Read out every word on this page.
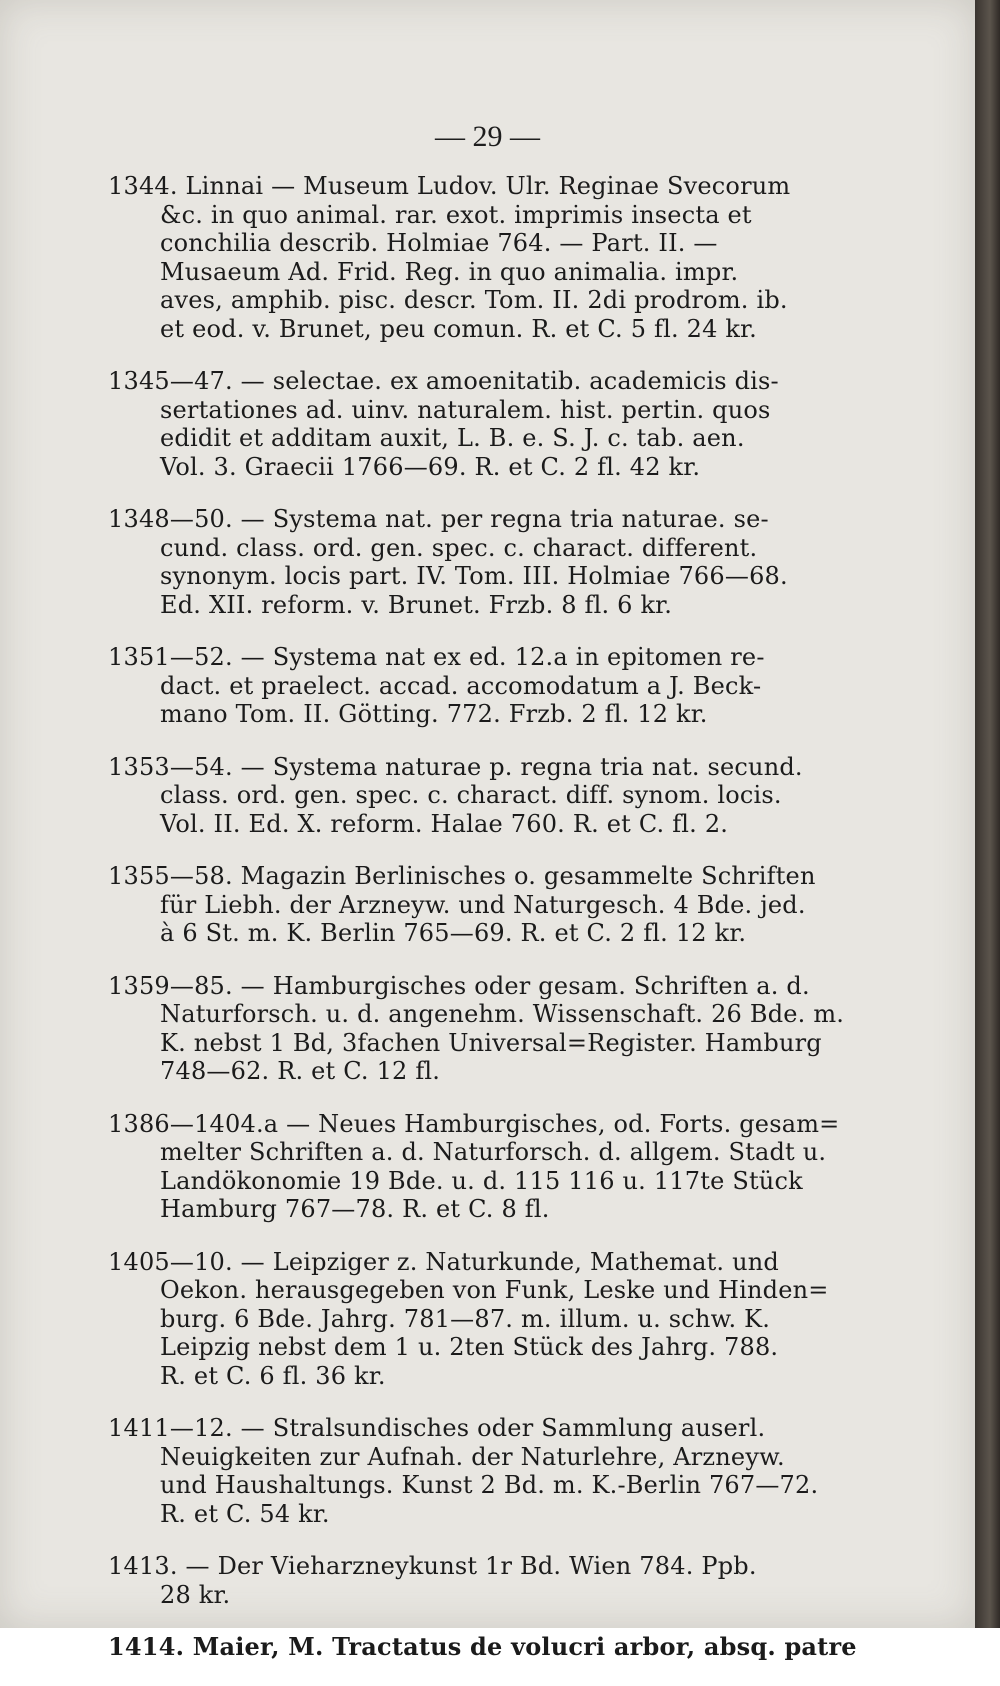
— 29 —
1344. Linnai — Museum Ludov. Ulr. Reginae Svecorum
&c. in quo animal. rar. exot. imprimis insecta et
conchilia describ. Holmiae 764. — Part. II. —
Musaeum Ad. Frid. Reg. in quo animalia. impr.
aves, amphib. pisc. descr. Tom. II. 2di prodrom. ib.
et eod. v. Brunet, peu comun. R. et C. 5 fl. 24 kr.
1345—47. — selectae. ex amoenitatib. academicis dis-
sertationes ad. uinv. naturalem. hist. pertin. quos
edidit et additam auxit, L. B. e. S. J. c. tab. aen.
Vol. 3. Graecii 1766—69. R. et C. 2 fl. 42 kr.
1348—50. — Systema nat. per regna tria naturae. se-
cund. class. ord. gen. spec. c. charact. different.
synonym. locis part. IV. Tom. III. Holmiae 766—68.
Ed. XII. reform. v. Brunet. Frzb. 8 fl. 6 kr.
1351—52. — Systema nat ex ed. 12.a in epitomen re-
dact. et praelect. accad. accomodatum a J. Beck-
mano Tom. II. Götting. 772. Frzb. 2 fl. 12 kr.
1353—54. — Systema naturae p. regna tria nat. secund.
class. ord. gen. spec. c. charact. diff. synom. locis.
Vol. II. Ed. X. reform. Halae 760. R. et C. fl. 2.
1355—58. Magazin Berlinisches o. gesammelte Schriften
für Liebh. der Arzneyw. und Naturgesch. 4 Bde. jed.
à 6 St. m. K. Berlin 765—69. R. et C. 2 fl. 12 kr.
1359—85. — Hamburgisches oder gesam. Schriften a. d.
Naturforsch. u. d. angenehm. Wissenschaft. 26 Bde. m.
K. nebst 1 Bd, 3fachen Universal=Register. Hamburg
748—62. R. et C. 12 fl.
1386—1404.a — Neues Hamburgisches, od. Forts. gesam=
melter Schriften a. d. Naturforsch. d. allgem. Stadt u.
Landökonomie 19 Bde. u. d. 115 116 u. 117te Stück
Hamburg 767—78. R. et C. 8 fl.
1405—10. — Leipziger z. Naturkunde, Mathemat. und
Oekon. herausgegeben von Funk, Leske und Hinden=
burg. 6 Bde. Jahrg. 781—87. m. illum. u. schw. K.
Leipzig nebst dem 1 u. 2ten Stück des Jahrg. 788.
R. et C. 6 fl. 36 kr.
1411—12. — Stralsundisches oder Sammlung auserl.
Neuigkeiten zur Aufnah. der Naturlehre, Arzneyw.
und Haushaltungs. Kunst 2 Bd. m. K.-Berlin 767—72.
R. et C. 54 kr.
1413. — Der Vieharzneykunst 1r Bd. Wien 784. Ppb.
28 kr.
1414. Maier, M. Tractatus de volucri arbor, absq. patre
